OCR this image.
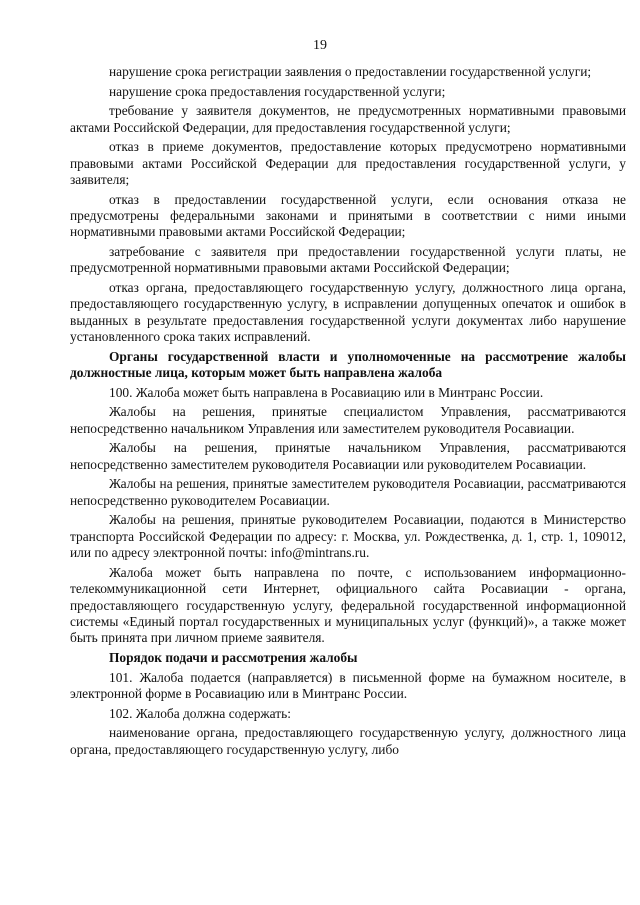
19

нарушение срока регистрации заявления о предоставлении государственной услуги;

нарушение срока предоставления государственной услуги;

требование у заявителя документов, не предусмотренных нормативными правовыми актами Российской Федерации, для предоставления государственной услуги;

отказ в приеме документов, предоставление которых предусмотрено нормативными правовыми актами Российской Федерации для предоставления государственной услуги, у заявителя;

отказ в предоставлении государственной услуги, если основания отказа не предусмотрены федеральными законами и принятыми в соответствии с ними иными нормативными правовыми актами Российской Федерации;

затребование с заявителя при предоставлении государственной услуги платы, не предусмотренной нормативными правовыми актами Российской Федерации;

отказ органа, предоставляющего государственную услугу, должностного лица органа, предоставляющего государственную услугу, в исправлении допущенных опечаток и ошибок в выданных в результате предоставления государственной услуги документах либо нарушение установленного срока таких исправлений.

Органы государственной власти и уполномоченные на рассмотрение жалобы должностные лица, которым может быть направлена жалоба

100. Жалоба может быть направлена в Росавиацию или в Минтранс России.

Жалобы на решения, принятые специалистом Управления, рассматриваются непосредственно начальником Управления или заместителем руководителя Росавиации.

Жалобы на решения, принятые начальником Управления, рассматриваются непосредственно заместителем руководителя Росавиации или руководителем Росавиации.

Жалобы на решения, принятые заместителем руководителя Росавиации, рассматриваются непосредственно руководителем Росавиации.

Жалобы на решения, принятые руководителем Росавиации, подаются в Министерство транспорта Российской Федерации по адресу: г. Москва, ул. Рождественка, д. 1, стр. 1, 109012, или по адресу электронной почты: info@mintrans.ru.

Жалоба может быть направлена по почте, с использованием информационно-телекоммуникационной сети Интернет, официального сайта Росавиации - органа, предоставляющего государственную услугу, федеральной государственной информационной системы «Единый портал государственных и муниципальных услуг (функций)», а также может быть принята при личном приеме заявителя.

Порядок подачи и рассмотрения жалобы

101. Жалоба подается (направляется) в письменной форме на бумажном носителе, в электронной форме в Росавиацию или в Минтранс России.

102. Жалоба должна содержать:

наименование органа, предоставляющего государственную услугу, должностного лица органа, предоставляющего государственную услугу, либо
